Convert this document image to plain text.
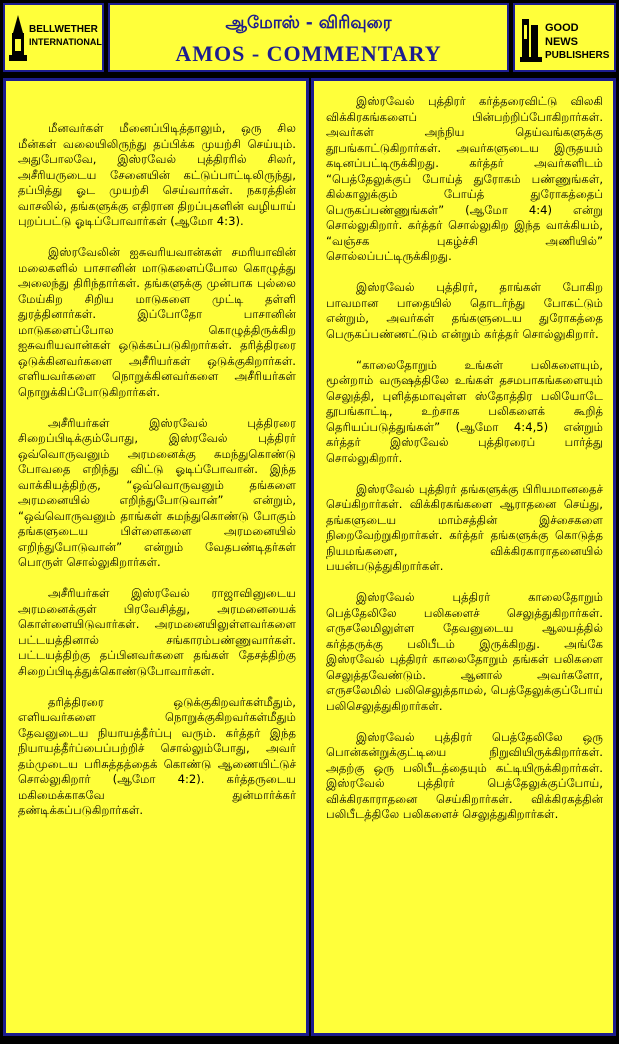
BELLWETHER
INTERNATIONAL
ஆமோஸ் - விரிவுரை
AMOS - COMMENTARY
GOOD NEWS
PUBLISHERS

மீனவர்கள் மீனைப்பிடித்தாலும், ஒரு சில மீன்கள் வலையிலிருந்து தப்பிக்க முயற்சி செய்யும். அதுபோலவே, இஸ்ரவேல் புத்திரரில் சிலர், அசீரியருடைய சேனையின் கட்டுப்பாட்டிலிருந்து, தப்பித்து ஓட முயற்சி செய்வார்கள். நகரத்தின் வாசலில், தங்களுக்கு எதிரான திறப்புகளின் வழியாய் புறப்பட்டு ஓடிப்போவார்கள் (ஆமோ 4:3).

இஸ்ரவேலின் ஐசுவரியவான்கள் சமரியாவின் மலைகளில் பாசானின் மாடுகளைப்போல கொழுத்து அலைந்து திரிந்தார்கள். தங்களுக்கு முன்பாக புல்லை மேய்கிற சிறிய மாடுகளை முட்டி தள்ளி துரத்தினார்கள். இப்போதோ பாசானின் மாடுகளைப்போல கொழுத்திருக்கிற ஐசுவரியவான்கள் ஒடுக்கப்படுகிறார்கள். தரித்திரரை ஒடுக்கினவர்களை அசீரியர்கள் ஒடுக்குகிறார்கள். எளியவர்களை நொறுக்கினவர்களை அசீரியர்கள் நொறுக்கிப்போடுகிறார்கள்.

அசீரியர்கள் இஸ்ரவேல் புத்திரரை சிறைப்பிடிக்கும்போது, இஸ்ரவேல் புத்திரர் ஒவ்வொருவனும் அரமனைக்கு சுமந்துகொண்டு போவதை எறிந்து விட்டு ஓடிப்போவான். இந்த வாக்கியத்திற்கு, “ஒவ்வொருவனும் தங்களை அரமனையில் எறிந்துபோடுவான்” என்றும், “ஒவ்வொருவனும் தாங்கள் சுமந்துகொண்டு போகும் தங்களுடைய பிள்ளைகளை அரமனையில் எறிந்துபோடுவான்” என்றும் வேதபண்டிதர்கள் பொருள் சொல்லுகிறார்கள்.

அசீரியர்கள் இஸ்ரவேல் ராஜாவினுடைய அரமனைக்குள் பிரவேசித்து, அரமனையைக் கொள்ளையிடுவார்கள். அரமனையிலுள்ளவர்களை பட்டயத்தினால் சங்காரம்பண்ணுவார்கள். பட்டயத்திற்கு தப்பினவர்களை தங்கள் தேசத்திற்கு சிறைப்பிடித்துக்கொண்டுபோவார்கள்.

தரித்திரரை ஒடுக்குகிறவர்கள்மீதும், எளியவர்களை நொறுக்குகிறவர்கள்மீதும் தேவனுடைய நியாயத்தீர்ப்பு வரும். கர்த்தர் இந்த நியாயத்தீர்ப்பைப்பற்றிச் சொல்லும்போது, அவர் தம்முடைய பரிசுத்தத்தைக் கொண்டு ஆணையிட்டுச் சொல்லுகிறார் (ஆமோ 4:2). கர்த்தருடைய மகிமைக்காகவே துன்மார்க்கர் தண்டிக்கப்படுகிறார்கள்.

இஸ்ரவேல் புத்திரர் கர்த்தரைவிட்டு விலகி விக்கிரகங்களைப் பின்பற்றிப்போகிறார்கள். அவர்கள் அந்நிய தெய்வங்களுக்கு தூபங்காட்டுகிறார்கள். அவர்களுடைய இருதயம் கடினப்பட்டிருக்கிறது. கர்த்தர் அவர்களிடம் “பெத்தேலுக்குப் போய்த் துரோகம் பண்ணுங்கள், கில்காலுக்கும் போய்த் துரோகத்தைப் பெருகப்பண்ணுங்கள்” (ஆமோ 4:4) என்று சொல்லுகிறார். கர்த்தர் சொல்லுகிற இந்த வாக்கியம், “வஞ்சக புகழ்ச்சி அணியில்” சொல்லப்பட்டிருக்கிறது.

இஸ்ரவேல் புத்திரர், தாங்கள் போகிற பாவமான பாதையில் தொடர்ந்து போகட்டும் என்றும், அவர்கள் தங்களுடைய துரோகத்தை பெருகப்பண்ணட்டும் என்றும் கர்த்தர் சொல்லுகிறார்.

“காலைதோறும் உங்கள் பலிகளையும், மூன்றாம் வருஷத்திலே உங்கள் தசமபாகங்களையும் செலுத்தி, புளித்தமாவுள்ள ஸ்தோத்திர பலியோடே தூபங்காட்டி, உற்சாக பலிகளைக் கூறித் தெரியப்படுத்துங்கள்” (ஆமோ 4:4,5) என்றும் கர்த்தர் இஸ்ரவேல் புத்திரரைப் பார்த்து சொல்லுகிறார்.

இஸ்ரவேல் புத்திரர் தங்களுக்கு பிரியமானதைச் செய்கிறார்கள். விக்கிரகங்களை ஆராதனை செய்து, தங்களுடைய மாம்சத்தின் இச்சைகளை நிறைவேற்றுகிறார்கள். கர்த்தர் தங்களுக்கு கொடுத்த நியமங்களை, விக்கிரகாராதனையில் பயன்படுத்துகிறார்கள்.

இஸ்ரவேல் புத்திரர் காலைதோறும் பெத்தேலிலே பலிகளைச் செலுத்துகிறார்கள். எருசலேமிலுள்ள தேவனுடைய ஆலயத்தில் கர்த்தருக்கு பலிபீடம் இருக்கிறது. அங்கே இஸ்ரவேல் புத்திரர் காலைதோறும் தங்கள் பலிகளை செலுத்தவேண்டும். ஆனால் அவர்களோ, எருசலேமில் பலிசெலுத்தாமல், பெத்தேலுக்குப்போய் பலிசெலுத்துகிறார்கள்.

இஸ்ரவேல் புத்திரர் பெத்தேலிலே ஒரு பொன்கன்றுக்குட்டியை நிறுவியிருக்கிறார்கள். அதற்கு ஒரு பலிபீடத்தையும் கட்டியிருக்கிறார்கள். இஸ்ரவேல் புத்திரர் பெத்தேலுக்குப்போய், விக்கிரகாராதனை செய்கிறார்கள். விக்கிரகத்தின் பலிபீடத்திலே பலிகளைச் செலுத்துகிறார்கள்.
